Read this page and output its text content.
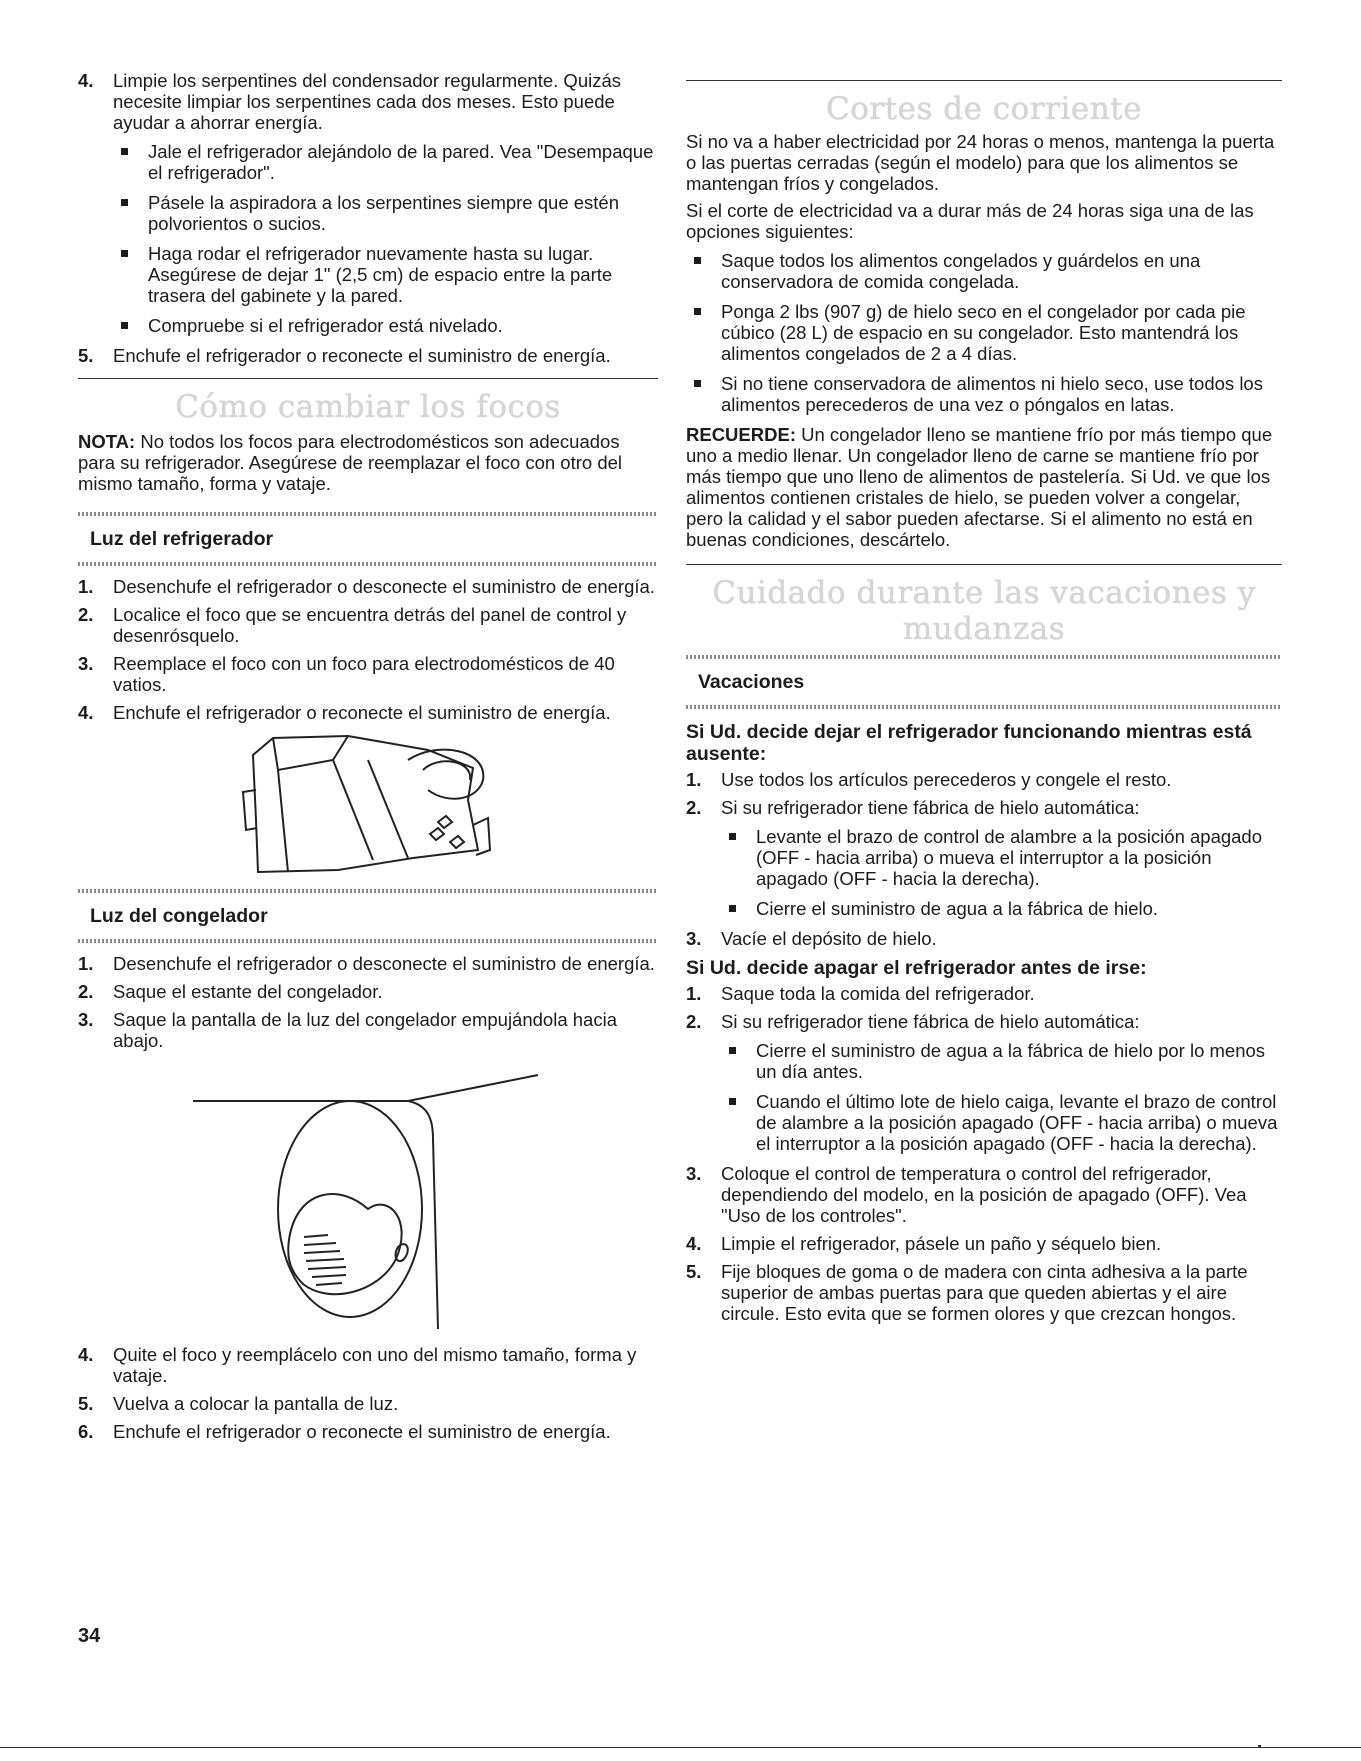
4. Limpie los serpentines del condensador regularmente. Quizás necesite limpiar los serpentines cada dos meses. Esto puede ayudar a ahorrar energía.
Jale el refrigerador alejándolo de la pared. Vea "Desempaque el refrigerador".
Pásele la aspiradora a los serpentines siempre que estén polvorientos o sucios.
Haga rodar el refrigerador nuevamente hasta su lugar. Asegúrese de dejar 1" (2,5 cm) de espacio entre la parte trasera del gabinete y la pared.
Compruebe si el refrigerador está nivelado.
5. Enchufe el refrigerador o reconecte el suministro de energía.
Cómo cambiar los focos

NOTA: No todos los focos para electrodomésticos son adecuados para su refrigerador. Asegúrese de reemplazar el foco con otro del mismo tamaño, forma y vataje.

Luz del refrigerador
1. Desenchufe el refrigerador o desconecte el suministro de energía.
2. Localice el foco que se encuentra detrás del panel de control y desenrósquelo.
3. Reemplace el foco con un foco para electrodomésticos de 40 vatios.
4. Enchufe el refrigerador o reconecte el suministro de energía.
Luz del congelador
1. Desenchufe el refrigerador o desconecte el suministro de energía.
2. Saque el estante del congelador.
3. Saque la pantalla de la luz del congelador empujándola hacia abajo.
4. Quite el foco y reemplácelo con uno del mismo tamaño, forma y vataje.
5. Vuelva a colocar la pantalla de luz.
6. Enchufe el refrigerador o reconecte el suministro de energía.
Cortes de corriente

Si no va a haber electricidad por 24 horas o menos, mantenga la puerta o las puertas cerradas (según el modelo) para que los alimentos se mantengan fríos y congelados.

Si el corte de electricidad va a durar más de 24 horas siga una de las opciones siguientes:

Saque todos los alimentos congelados y guárdelos en una conservadora de comida congelada.
Ponga 2 lbs (907 g) de hielo seco en el congelador por cada pie cúbico (28 L) de espacio en su congelador. Esto mantendrá los alimentos congelados de 2 a 4 días.
Si no tiene conservadora de alimentos ni hielo seco, use todos los alimentos perecederos de una vez o póngalos en latas.

RECUERDE: Un congelador lleno se mantiene frío por más tiempo que uno a medio llenar. Un congelador lleno de carne se mantiene frío por más tiempo que uno lleno de alimentos de pastelería. Si Ud. ve que los alimentos contienen cristales de hielo, se pueden volver a congelar, pero la calidad y el sabor pueden afectarse. Si el alimento no está en buenas condiciones, descártelo.

Cuidado durante las vacaciones y
mudanzas
Vacaciones
Si Ud. decide dejar el refrigerador funcionando mientras está ausente:
1. Use todos los artículos perecederos y congele el resto.
2. Si su refrigerador tiene fábrica de hielo automática:
Levante el brazo de control de alambre a la posición apagado (OFF - hacia arriba) o mueva el interruptor a la posición apagado (OFF - hacia la derecha).
Cierre el suministro de agua a la fábrica de hielo.
3. Vacíe el depósito de hielo.
Si Ud. decide apagar el refrigerador antes de irse:
1. Saque toda la comida del refrigerador.
2. Si su refrigerador tiene fábrica de hielo automática:
Cierre el suministro de agua a la fábrica de hielo por lo menos un día antes.
Cuando el último lote de hielo caiga, levante el brazo de control de alambre a la posición apagado (OFF - hacia arriba) o mueva el interruptor a la posición apagado (OFF - hacia la derecha).
3. Coloque el control de temperatura o control del refrigerador, dependiendo del modelo, en la posición de apagado (OFF). Vea "Uso de los controles".
4. Limpie el refrigerador, pásele un paño y séquelo bien.
5. Fije bloques de goma o de madera con cinta adhesiva a la parte superior de ambas puertas para que queden abiertas y el aire circule. Esto evita que se formen olores y que crezcan hongos.
34
